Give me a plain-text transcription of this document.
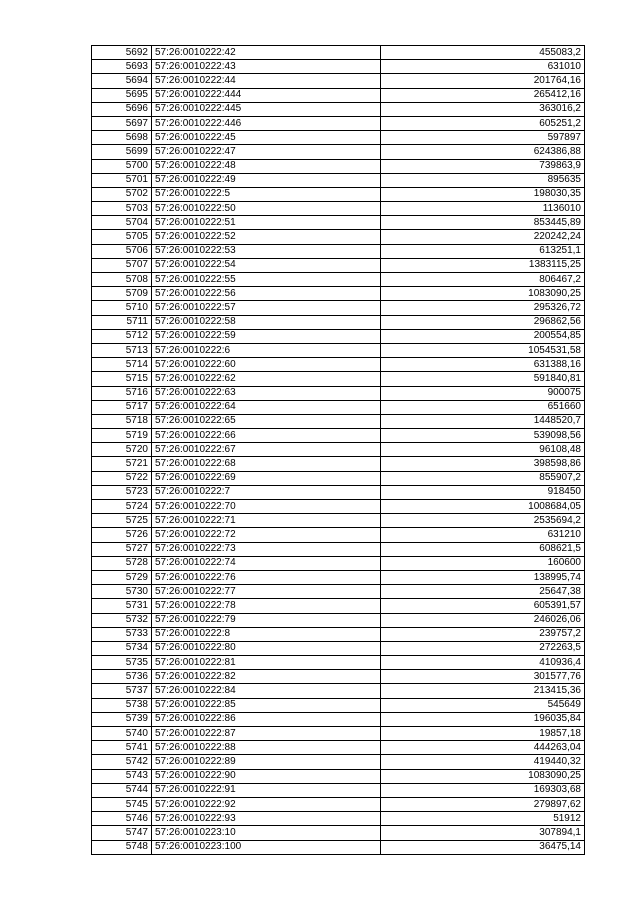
5692	57:26:0010222:42	455083,2
5693	57:26:0010222:43	631010
5694	57:26:0010222:44	201764,16
5695	57:26:0010222:444	265412,16
5696	57:26:0010222:445	363016,2
5697	57:26:0010222:446	605251,2
5698	57:26:0010222:45	597897
5699	57:26:0010222:47	624386,88
5700	57:26:0010222:48	739863,9
5701	57:26:0010222:49	895635
5702	57:26:0010222:5	198030,35
5703	57:26:0010222:50	1136010
5704	57:26:0010222:51	853445,89
5705	57:26:0010222:52	220242,24
5706	57:26:0010222:53	613251,1
5707	57:26:0010222:54	1383115,25
5708	57:26:0010222:55	806467,2
5709	57:26:0010222:56	1083090,25
5710	57:26:0010222:57	295326,72
5711	57:26:0010222:58	296862,56
5712	57:26:0010222:59	200554,85
5713	57:26:0010222:6	1054531,58
5714	57:26:0010222:60	631388,16
5715	57:26:0010222:62	591840,81
5716	57:26:0010222:63	900075
5717	57:26:0010222:64	651660
5718	57:26:0010222:65	1448520,7
5719	57:26:0010222:66	539098,56
5720	57:26:0010222:67	96108,48
5721	57:26:0010222:68	398598,86
5722	57:26:0010222:69	855907,2
5723	57:26:0010222:7	918450
5724	57:26:0010222:70	1008684,05
5725	57:26:0010222:71	2535694,2
5726	57:26:0010222:72	631210
5727	57:26:0010222:73	608621,5
5728	57:26:0010222:74	160600
5729	57:26:0010222:76	138995,74
5730	57:26:0010222:77	25647,38
5731	57:26:0010222:78	605391,57
5732	57:26:0010222:79	246026,06
5733	57:26:0010222:8	239757,2
5734	57:26:0010222:80	272263,5
5735	57:26:0010222:81	410936,4
5736	57:26:0010222:82	301577,76
5737	57:26:0010222:84	213415,36
5738	57:26:0010222:85	545649
5739	57:26:0010222:86	196035,84
5740	57:26:0010222:87	19857,18
5741	57:26:0010222:88	444263,04
5742	57:26:0010222:89	419440,32
5743	57:26:0010222:90	1083090,25
5744	57:26:0010222:91	169303,68
5745	57:26:0010222:92	279897,62
5746	57:26:0010222:93	51912
5747	57:26:0010223:10	307894,1
5748	57:26:0010223:100	36475,14
